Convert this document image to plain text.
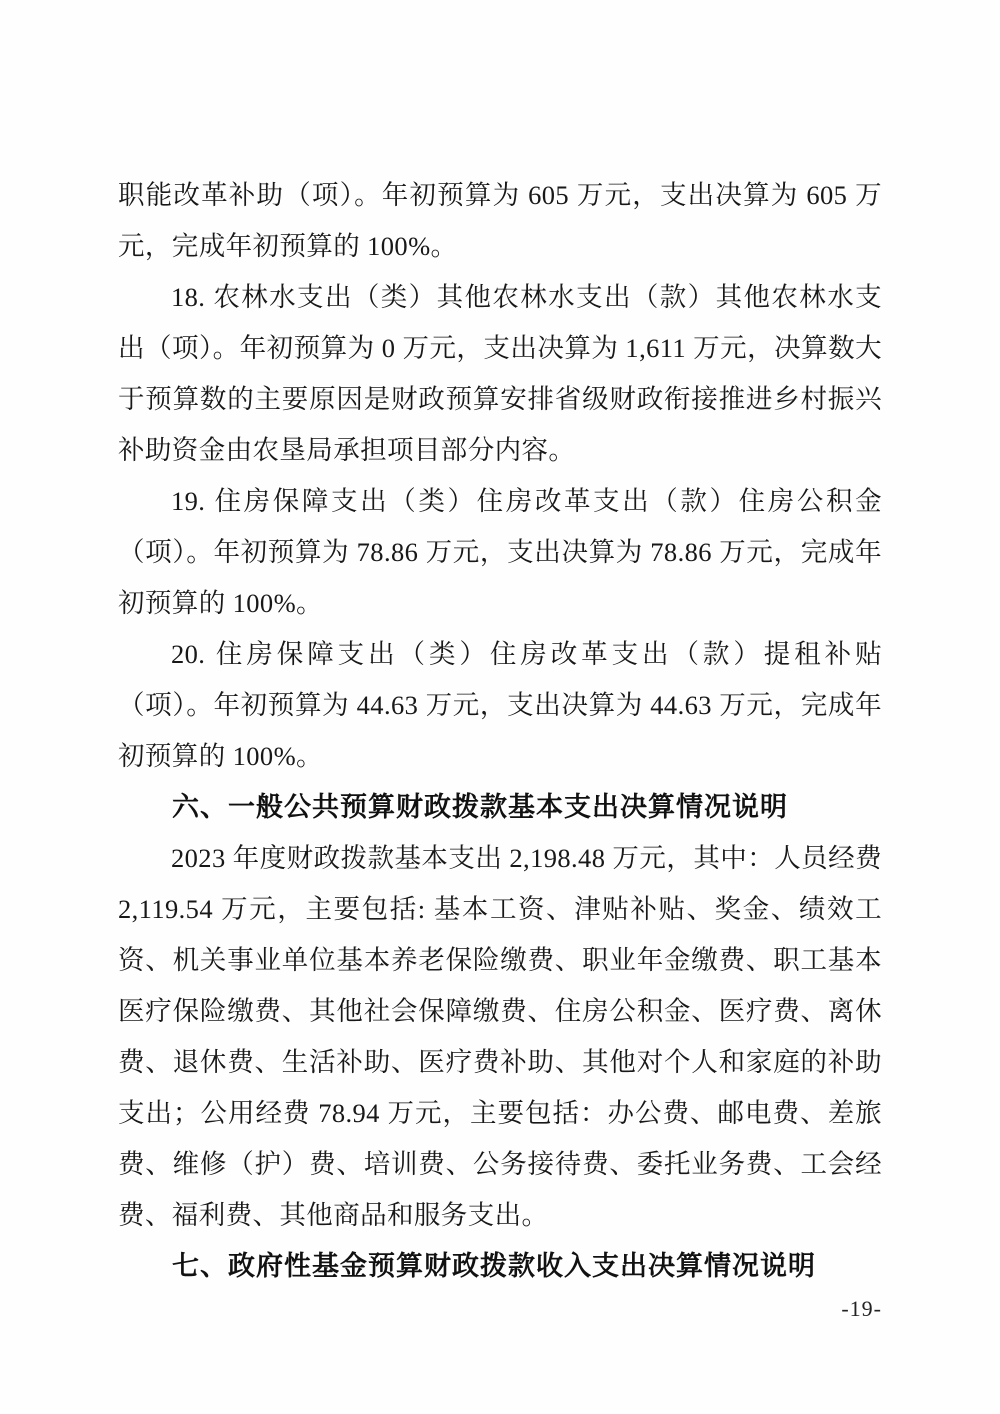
职能改革补助（项）。年初预算为 605 万元，支出决算为 605 万元，完成年初预算的 100%。

18. 农林水支出（类）其他农林水支出（款）其他农林水支出（项）。年初预算为 0 万元，支出决算为 1,611 万元，决算数大于预算数的主要原因是财政预算安排省级财政衔接推进乡村振兴补助资金由农垦局承担项目部分内容。

19. 住房保障支出（类）住房改革支出（款）住房公积金（项）。年初预算为 78.86 万元，支出决算为 78.86 万元，完成年初预算的 100%。

20. 住房保障支出（类）住房改革支出（款）提租补贴（项）。年初预算为 44.63 万元，支出决算为 44.63 万元，完成年初预算的 100%。

六、一般公共预算财政拨款基本支出决算情况说明

2023 年度财政拨款基本支出 2,198.48 万元，其中：人员经费 2,119.54 万元，主要包括: 基本工资、津贴补贴、奖金、绩效工资、机关事业单位基本养老保险缴费、职业年金缴费、职工基本医疗保险缴费、其他社会保障缴费、住房公积金、医疗费、离休费、退休费、生活补助、医疗费补助、其他对个人和家庭的补助支出；公用经费 78.94 万元，主要包括：办公费、邮电费、差旅费、维修（护）费、培训费、公务接待费、委托业务费、工会经费、福利费、其他商品和服务支出。

七、政府性基金预算财政拨款收入支出决算情况说明
-19-
